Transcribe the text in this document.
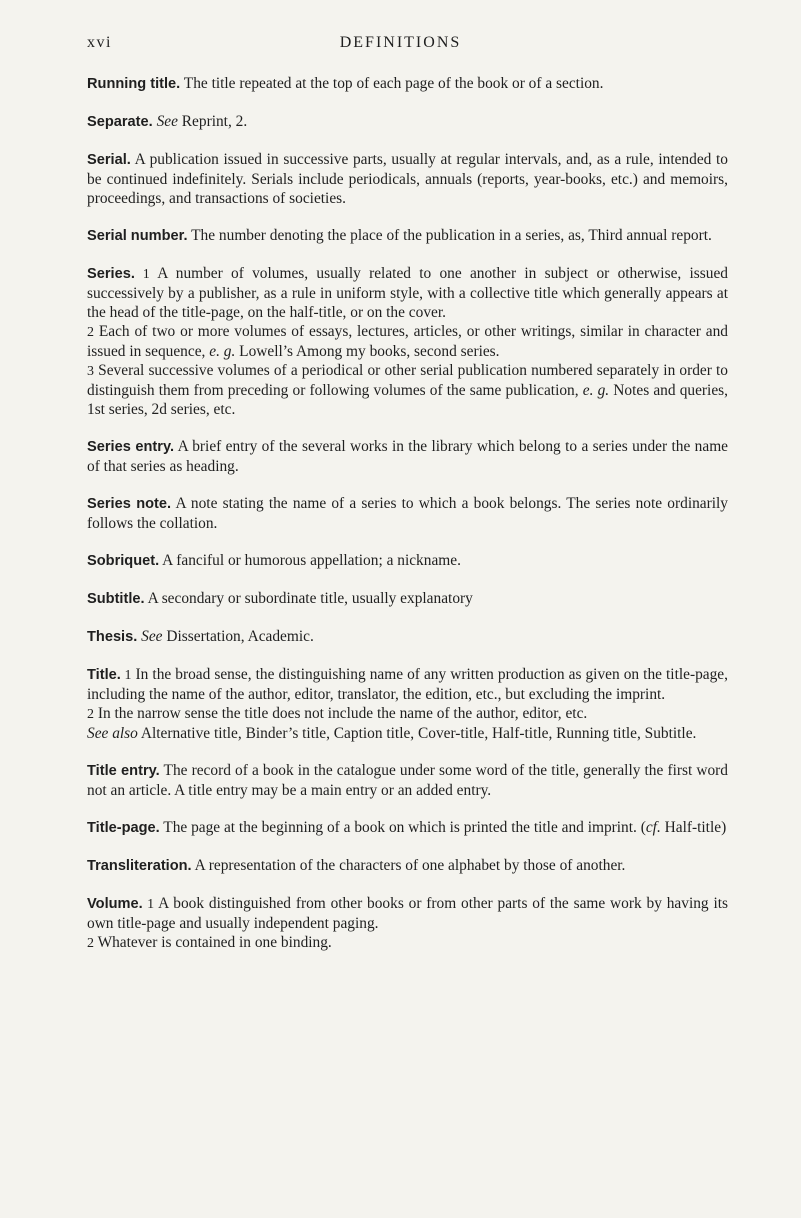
xvi	DEFINITIONS

Running title. The title repeated at the top of each page of the book or of a section.

Separate. See Reprint, 2.

Serial. A publication issued in successive parts, usually at regular intervals, and, as a rule, intended to be continued indefinitely. Serials include periodicals, annuals (reports, year-books, etc.) and memoirs, proceedings, and transactions of societies.

Serial number. The number denoting the place of the publication in a series, as, Third annual report.

Series. 1 A number of volumes, usually related to one another in subject or otherwise, issued successively by a publisher, as a rule in uniform style, with a collective title which generally appears at the head of the title-page, on the half-title, or on the cover.

2 Each of two or more volumes of essays, lectures, articles, or other writings, similar in character and issued in sequence, e. g. Lowell’s Among my books, second series.

3 Several successive volumes of a periodical or other serial publication numbered separately in order to distinguish them from preceding or following volumes of the same publication, e. g. Notes and queries, 1st series, 2d series, etc.

Series entry. A brief entry of the several works in the library which belong to a series under the name of that series as heading.

Series note. A note stating the name of a series to which a book belongs. The series note ordinarily follows the collation.

Sobriquet. A fanciful or humorous appellation; a nickname.

Subtitle. A secondary or subordinate title, usually explanatory

Thesis. See Dissertation, Academic.

Title. 1 In the broad sense, the distinguishing name of any written production as given on the title-page, including the name of the author, editor, translator, the edition, etc., but excluding the imprint.

2 In the narrow sense the title does not include the name of the author, editor, etc.

See also Alternative title, Binder’s title, Caption title, Cover-title, Half-title, Running title, Subtitle.

Title entry. The record of a book in the catalogue under some word of the title, generally the first word not an article. A title entry may be a main entry or an added entry.

Title-page. The page at the beginning of a book on which is printed the title and imprint. (cf. Half-title)

Transliteration. A representation of the characters of one alphabet by those of another.

Volume. 1 A book distinguished from other books or from other parts of the same work by having its own title-page and usually independent paging.

2 Whatever is contained in one binding.
